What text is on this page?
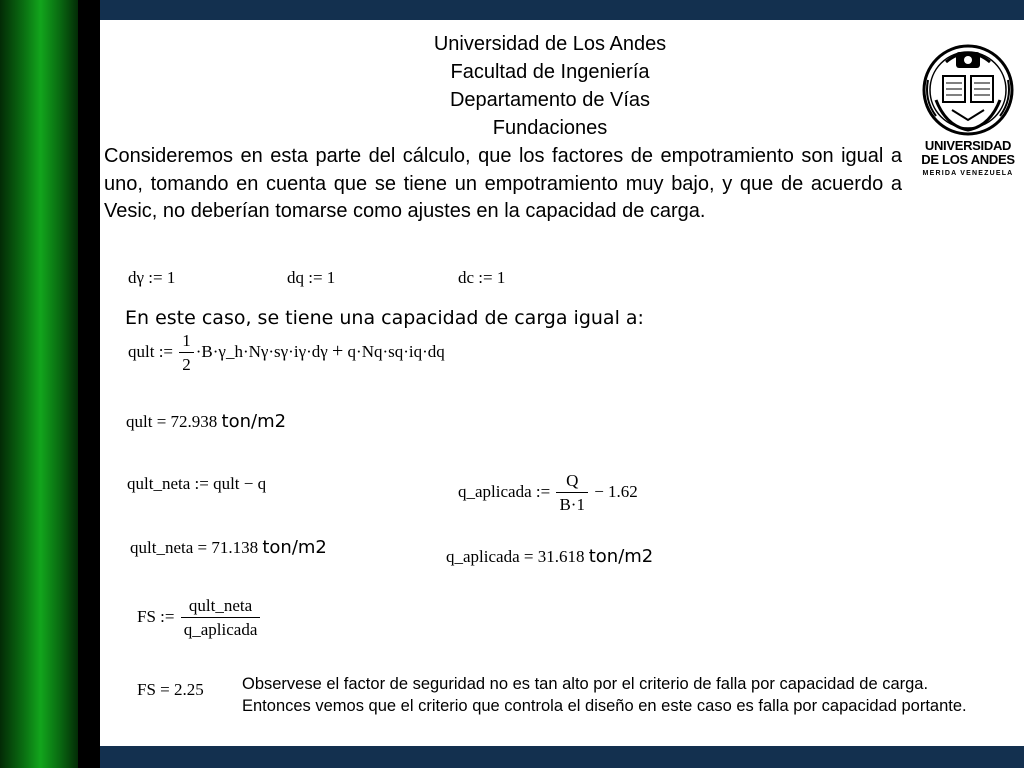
Universidad de Los Andes
Facultad de Ingeniería
Departamento de Vías
Fundaciones
UNIVERSIDAD DE LOS ANDES
MERIDA VENEZUELA
Consideremos en esta parte del cálculo, que los factores de empotramiento son igual a uno, tomando en cuenta que se tiene un empotramiento muy bajo, y que de acuerdo a Vesic, no deberían tomarse como ajustes en la capacidad de carga.
dγ := 1	dq := 1	dc := 1
En este caso, se tiene una capacidad de carga igual a:
qult := $\frac{1}{2}$ ·B·γ_h·Nγ·sγ·iγ·dγ + q·Nq·sq·iq·dq
qult = 72.938 ton/m2
qult_neta := qult − q
qult_neta = 71.138 ton/m2
q_aplicada := $\frac{Q}{B\cdot 1} - 1.62$
q_aplicada = 31.618 ton/m2
FS := $\frac{\text{qult\_neta}}{\text{q\_aplicada}}$
FS = 2.25 Observese el factor de seguridad no es tan alto por el criterio de falla por capacidad de carga. Entonces vemos que el criterio que controla el diseño en este caso es falla por capacidad portante.
